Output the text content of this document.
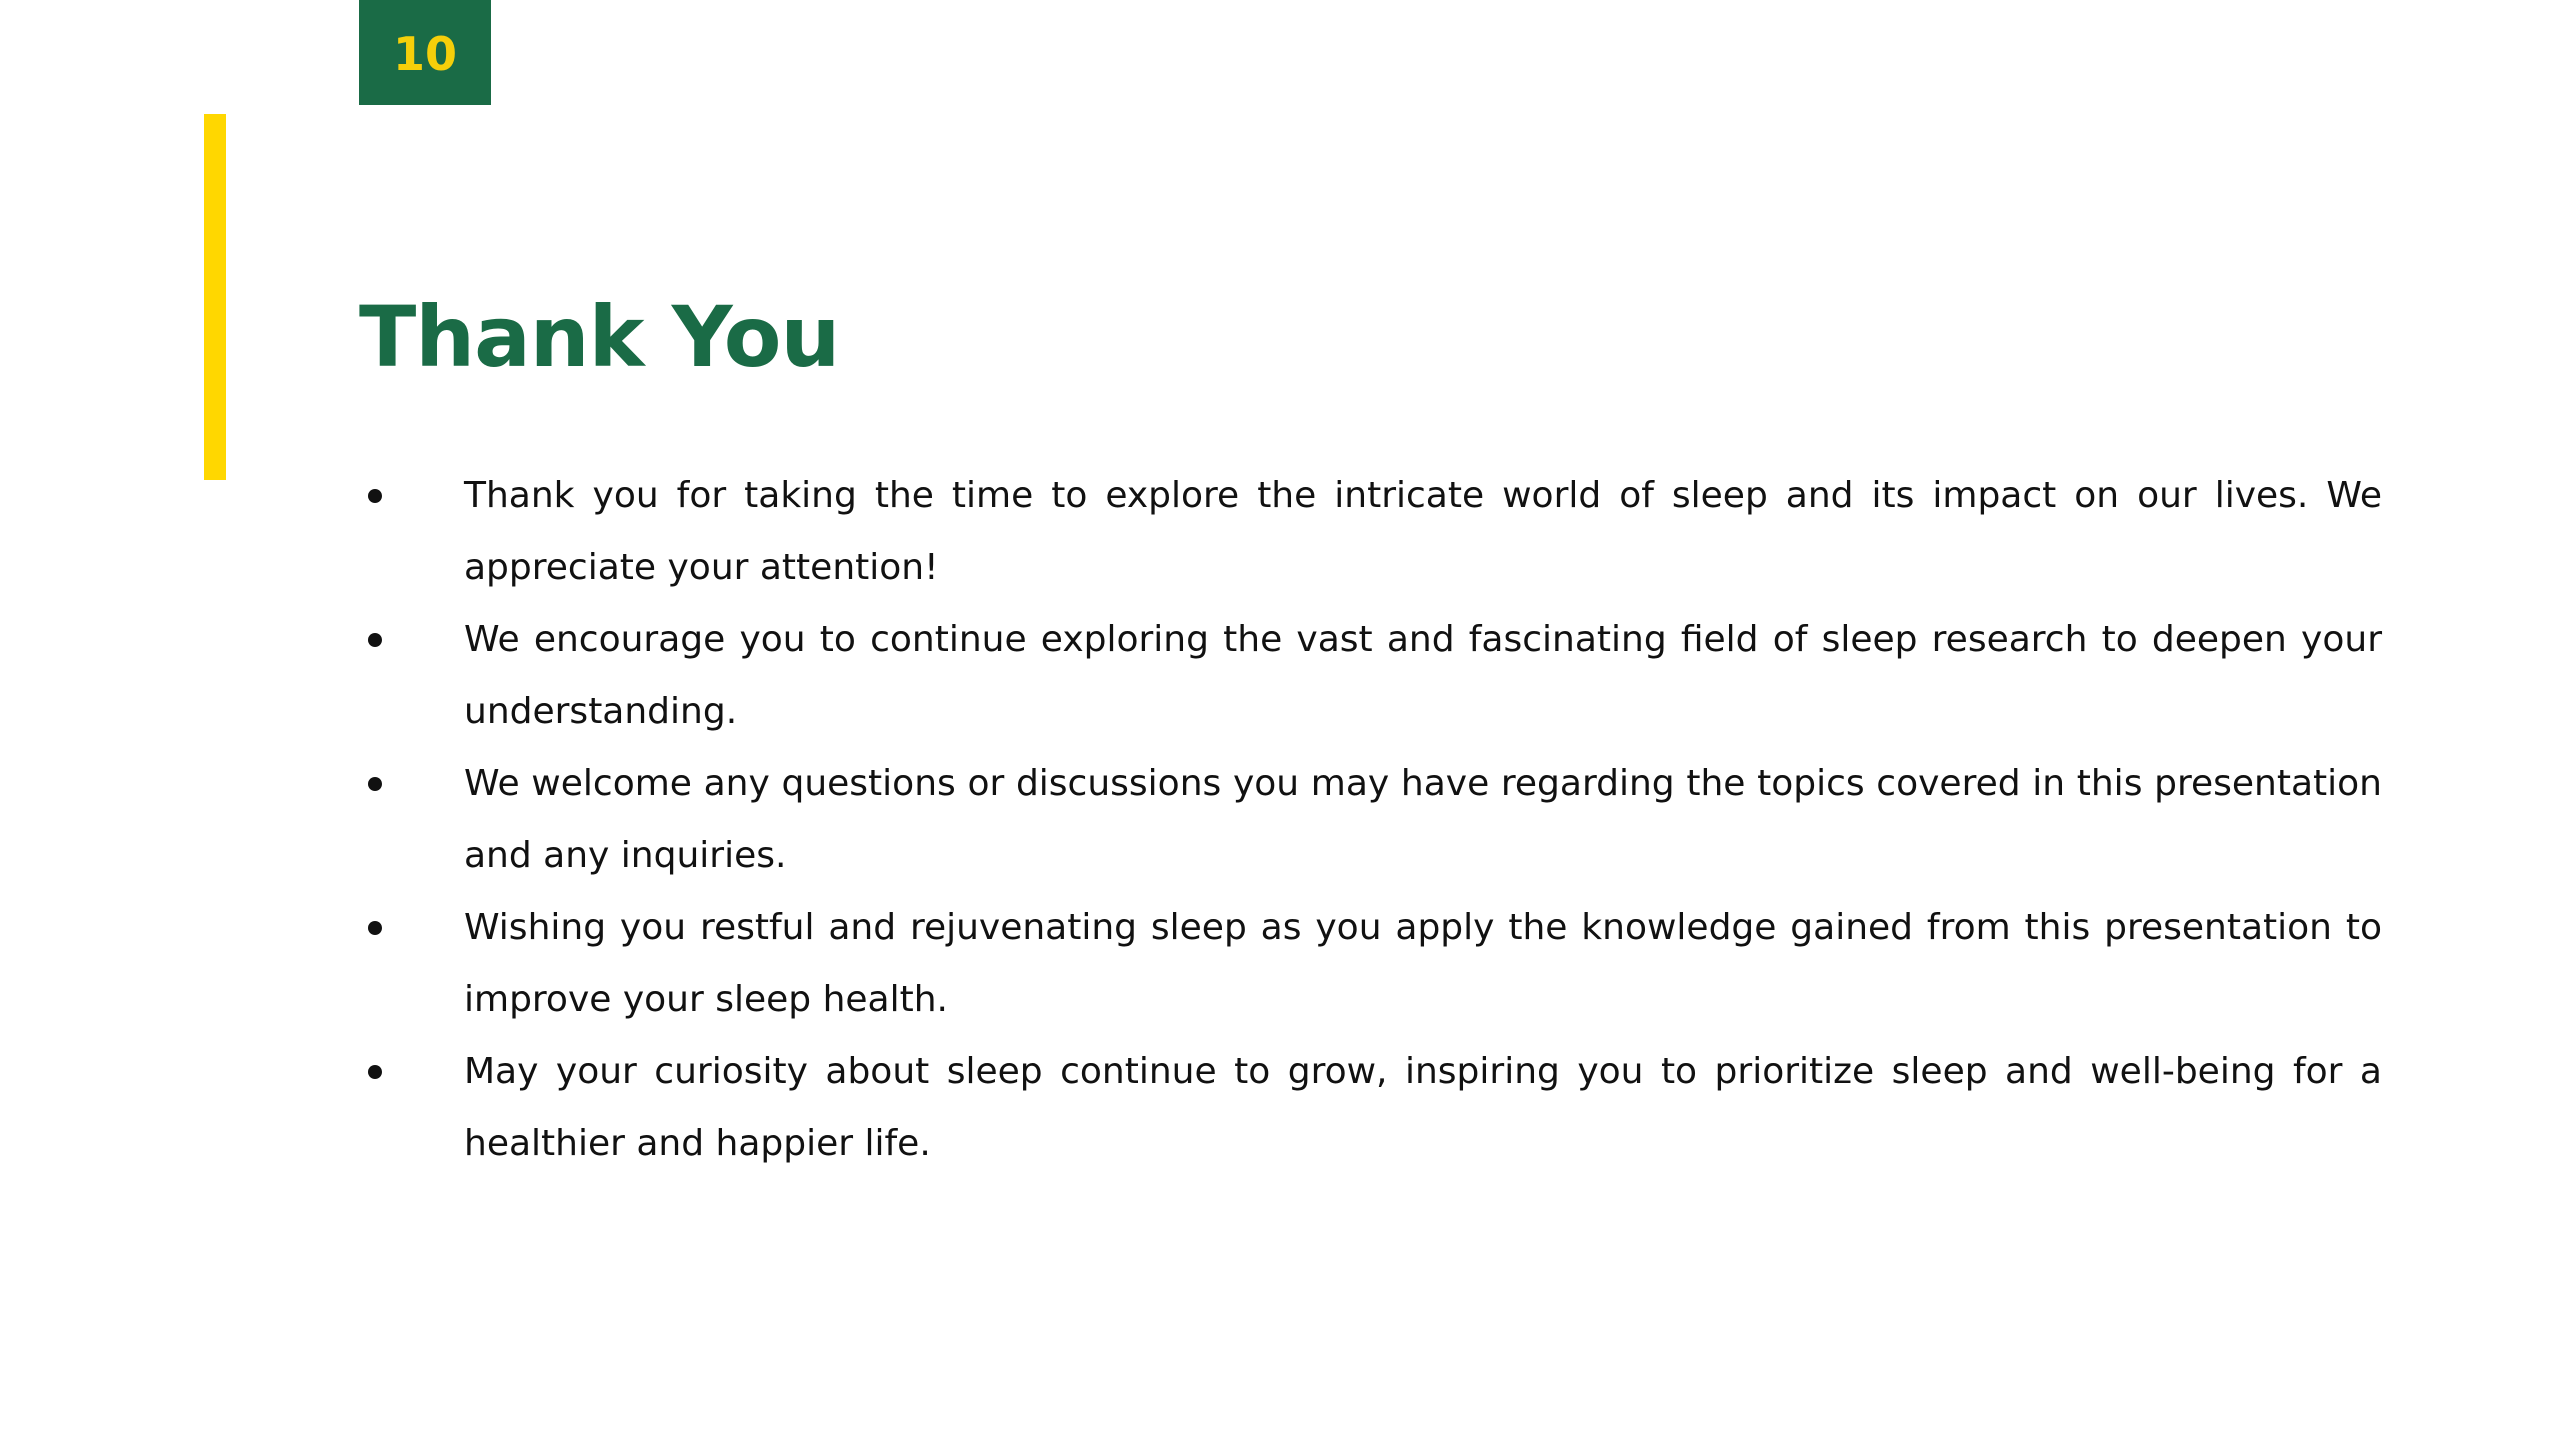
10
Thank You
Thank you for taking the time to explore the intricate world of sleep and its impact on our lives. We appreciate your attention!
We encourage you to continue exploring the vast and fascinating field of sleep research to deepen your understanding.
We welcome any questions or discussions you may have regarding the topics covered in this presentation and any inquiries.
Wishing you restful and rejuvenating sleep as you apply the knowledge gained from this presentation to improve your sleep health.
May your curiosity about sleep continue to grow, inspiring you to prioritize sleep and well-being for a healthier and happier life.
